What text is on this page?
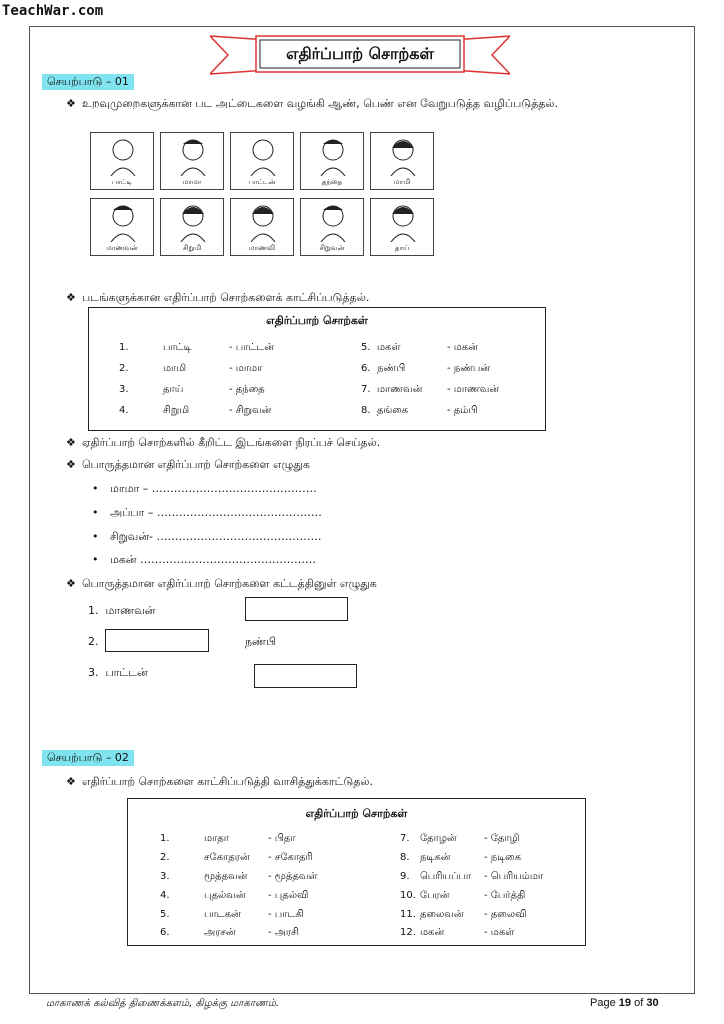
TeachWar.com
எதிர்ப்பாற் சொற்கள்
செயற்பாடு – 01
❖ உறவுமுறைகளுக்கான பட அட்டைகளை வழங்கி ஆண், பெண் என வேறுபடுத்த வழிப்படுத்தல்.
பாட்டி	மாமா	பாட்டன்	தந்தை	மாமி
மாணவன்	சிறுமி	மாணவி	சிறுவன்	தாய்
❖ படங்களுக்கான எதிர்ப்பாற் சொற்களைக் காட்சிப்படுத்தல்.
எதிர்ப்பாற் சொற்கள்
1.	பாட்டி	- பாட்டன்
2.	மாமி	- மாமா
3.	தாய்	- தந்தை
4.	சிறுமி	- சிறுவன்
5. மகள்	- மகன்
6. நண்பி	- நண்பன்
7. மாணவன் - மாணவன்
8. தங்கை	- தம்பி
❖ ஏதிர்ப்பாற் சொற்களில் கீறிட்ட இடங்களை நிரப்பச் செய்தல்.
❖ பொருத்தமான எதிர்ப்பாற் சொற்களை எழுதுக
• மாமா – ………………………………………
• அப்பா – ………………………………………
• சிறுவன்- ………………………………………
• மகன் …………………………………………
❖ பொருத்தமான எதிர்ப்பாற் சொற்களை கட்டத்தினுள் எழுதுக
1. மாணவன்
2.	நண்பி
3. பாட்டன்
செயற்பாடு – 02
❖ எதிர்ப்பாற் சொற்களை காட்சிப்படுத்தி வாசித்துக்காட்டுதல்.
எதிர்ப்பாற் சொற்கள்
1.	மாதா	- பிதா
2.	சகோதரன் - சகோதரி
3.	மூத்தவன் - மூத்தவள்
4.	புதல்வன் - புதல்வி
5.	பாடகன்	- பாடகி
6.	அரசன்	- அரசி
7. தோழன்	- தோழி
8. நடிகன்	- நடிகை
9. பெரியப்பா - பெரியம்மா
10. பேரன்	- பேர்த்தி
11. தலைவன் - தலைவி
12. மகன்	- மகள்
மாகாணக் கல்வித் திணைக்களம், கிழக்கு மாகாணம்.	Page 19 of 30
